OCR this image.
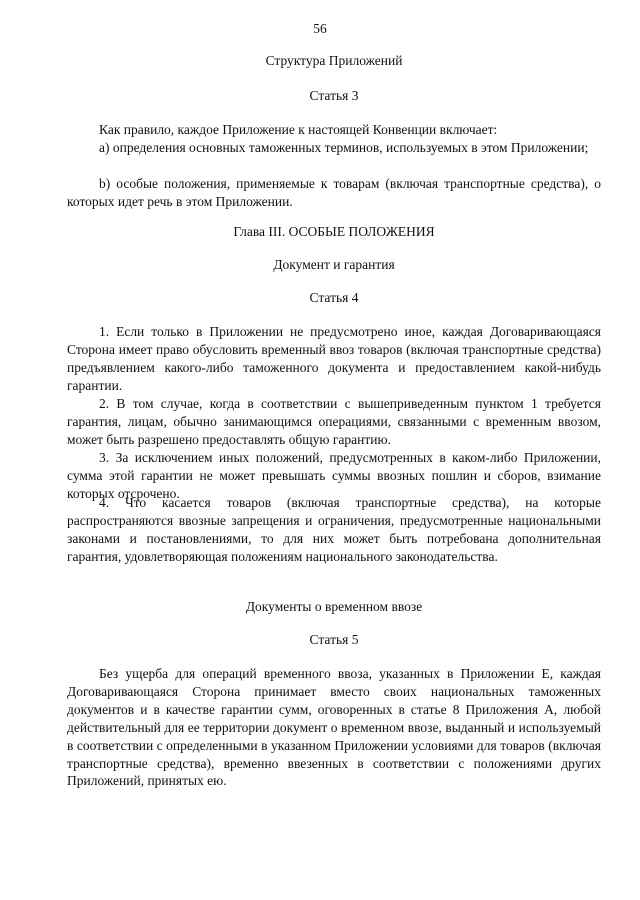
56
Структура Приложений
Статья 3

Как правило, каждое Приложение к настоящей Конвенции включает:

a) определения основных таможенных терминов, используемых в этом Приложении;

b) особые положения, применяемые к товарам (включая транспортные средства), о которых идет речь в этом Приложении.

Глава III. ОСОБЫЕ ПОЛОЖЕНИЯ
Документ и гарантия
Статья 4

1. Если только в Приложении не предусмотрено иное, каждая Договаривающаяся Сторона имеет право обусловить временный ввоз товаров (включая транспортные средства) предъявлением какого-либо таможенного документа и предоставлением какой-нибудь гарантии.

2. В том случае, когда в соответствии с вышеприведенным пунктом 1 требуется гарантия, лицам, обычно занимающимся операциями, связанными с временным ввозом, может быть разрешено предоставлять общую гарантию.

3. За исключением иных положений, предусмотренных в каком-либо Приложении, сумма этой гарантии не может превышать суммы ввозных пошлин и сборов, взимание которых отсрочено.

4. Что касается товаров (включая транспортные средства), на которые распространяются ввозные запрещения и ограничения, предусмотренные национальными законами и постановлениями, то для них может быть потребована дополнительная гарантия, удовлетворяющая положениям национального законодательства.

Документы о временном ввозе
Статья 5

Без ущерба для операций временного ввоза, указанных в Приложении E, каждая Договаривающаяся Сторона принимает вместо своих национальных таможенных документов и в качестве гарантии сумм, оговоренных в статье 8 Приложения A, любой действительный для ее территории документ о временном ввозе, выданный и используемый в соответствии с определенными в указанном Приложении условиями для товаров (включая транспортные средства), временно ввезенных в соответствии с положениями других Приложений, принятых ею.
